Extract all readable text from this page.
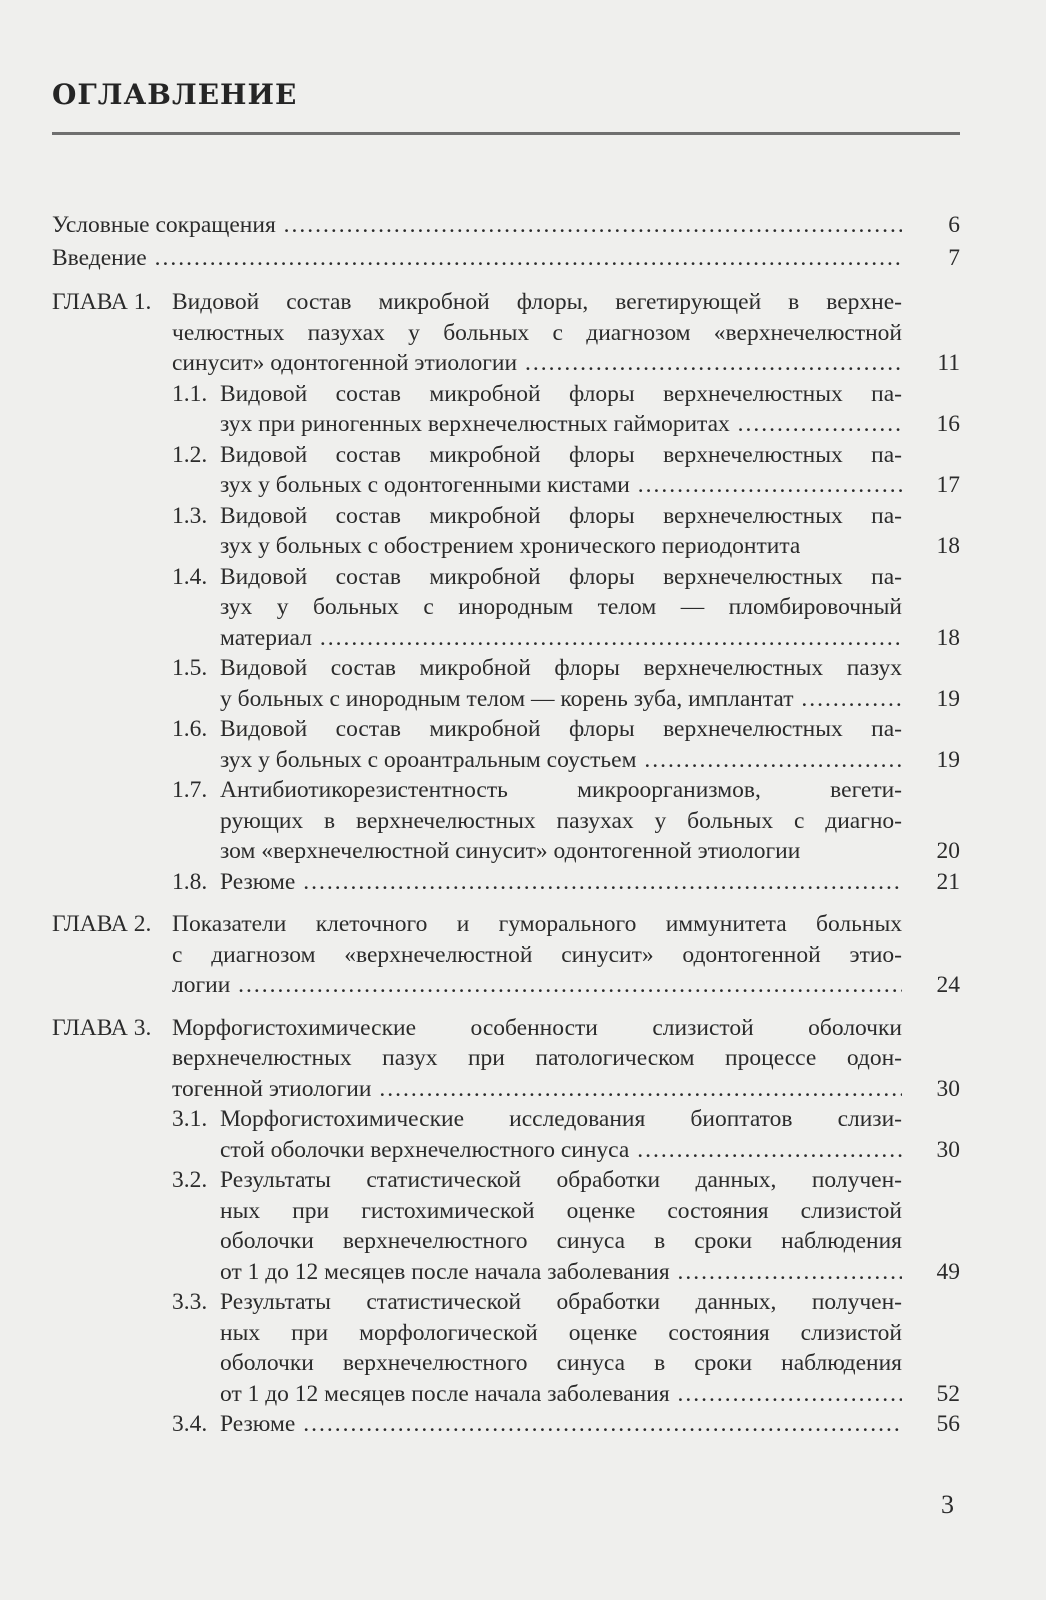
ОГЛАВЛЕНИЕ
Условные сокращения .....	6
Введение .....	7
ГЛАВА 1. Видовой состав микробной флоры, вегетирующей в верхне-
челюстных пазухах у больных с диагнозом «верхнечелюстной
синусит» одонтогенной этиологии .....	11
1.1. Видовой состав микробной флоры верхнечелюстных па-
зух при риногенных верхнечелюстных гайморитах .....	16
1.2. Видовой состав микробной флоры верхнечелюстных па-
зух у больных с одонтогенными кистами .....	17
1.3. Видовой состав микробной флоры верхнечелюстных па-
зух у больных с обострением хронического периодонтита	18
1.4. Видовой состав микробной флоры верхнечелюстных па-
зух у больных с инородным телом — пломбировочный
материал .....	18
1.5. Видовой состав микробной флоры верхнечелюстных пазух
у больных с инородным телом — корень зуба, имплантат .....	19
1.6. Видовой состав микробной флоры верхнечелюстных па-
зух у больных с ороантральным соустьем .....	19
1.7. Антибиотикорезистентность микроорганизмов, вегети-
рующих в верхнечелюстных пазухах у больных с диагно-
зом «верхнечелюстной синусит» одонтогенной этиологии	20
1.8. Резюме .....	21
ГЛАВА 2. Показатели клеточного и гуморального иммунитета больных
с диагнозом «верхнечелюстной синусит» одонтогенной этио-
логии .....	24
ГЛАВА 3. Морфогистохимические особенности слизистой оболочки
верхнечелюстных пазух при патологическом процессе одон-
тогенной этиологии .....	30
3.1. Морфогистохимические исследования биоптатов слизи-
стой оболочки верхнечелюстного синуса .....	30
3.2. Результаты статистической обработки данных, получен-
ных при гистохимической оценке состояния слизистой
оболочки верхнечелюстного синуса в сроки наблюдения
от 1 до 12 месяцев после начала заболевания .....	49
3.3. Результаты статистической обработки данных, получен-
ных при морфологической оценке состояния слизистой
оболочки верхнечелюстного синуса в сроки наблюдения
от 1 до 12 месяцев после начала заболевания .....	52
3.4. Резюме .....	56
3
